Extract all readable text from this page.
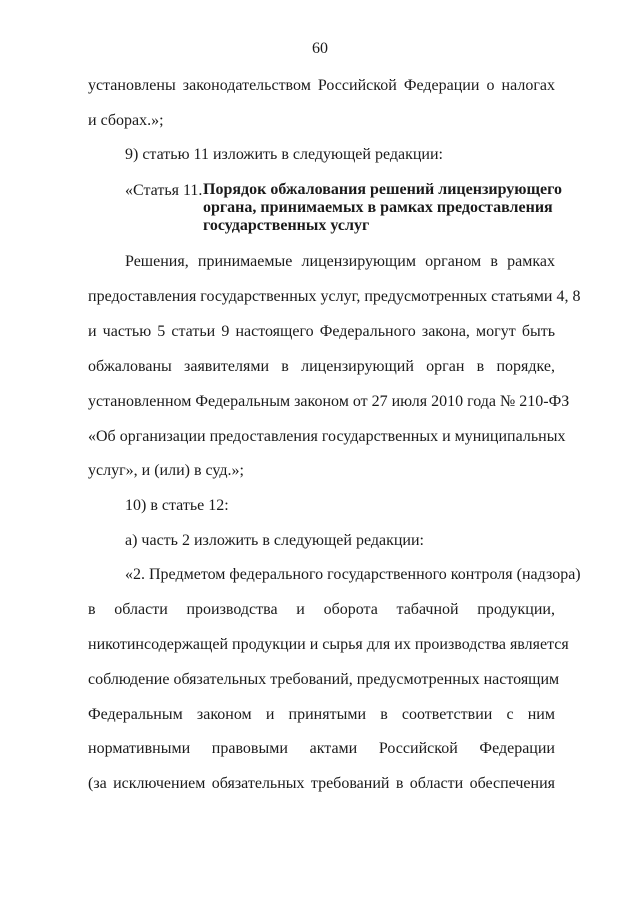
60
установлены законодательством Российской Федерации о налогах
и сборах.»;
9) статью 11 изложить в следующей редакции:
«Статья 11. Порядок обжалования решений лицензирующего
органа, принимаемых в рамках предоставления
государственных услуг
Решения, принимаемые лицензирующим органом в рамках
предоставления государственных услуг, предусмотренных статьями 4, 8
и частью 5 статьи 9 настоящего Федерального закона, могут быть
обжалованы заявителями в лицензирующий орган в порядке,
установленном Федеральным законом от 27 июля 2010 года № 210-ФЗ
«Об организации предоставления государственных и муниципальных
услуг», и (или) в суд.»;
10) в статье 12:
а) часть 2 изложить в следующей редакции:
«2. Предметом федерального государственного контроля (надзора)
в области производства и оборота табачной продукции,
никотинсодержащей продукции и сырья для их производства является
соблюдение обязательных требований, предусмотренных настоящим
Федеральным законом и принятыми в соответствии с ним
нормативными правовыми актами Российской Федерации
(за исключением обязательных требований в области обеспечения
